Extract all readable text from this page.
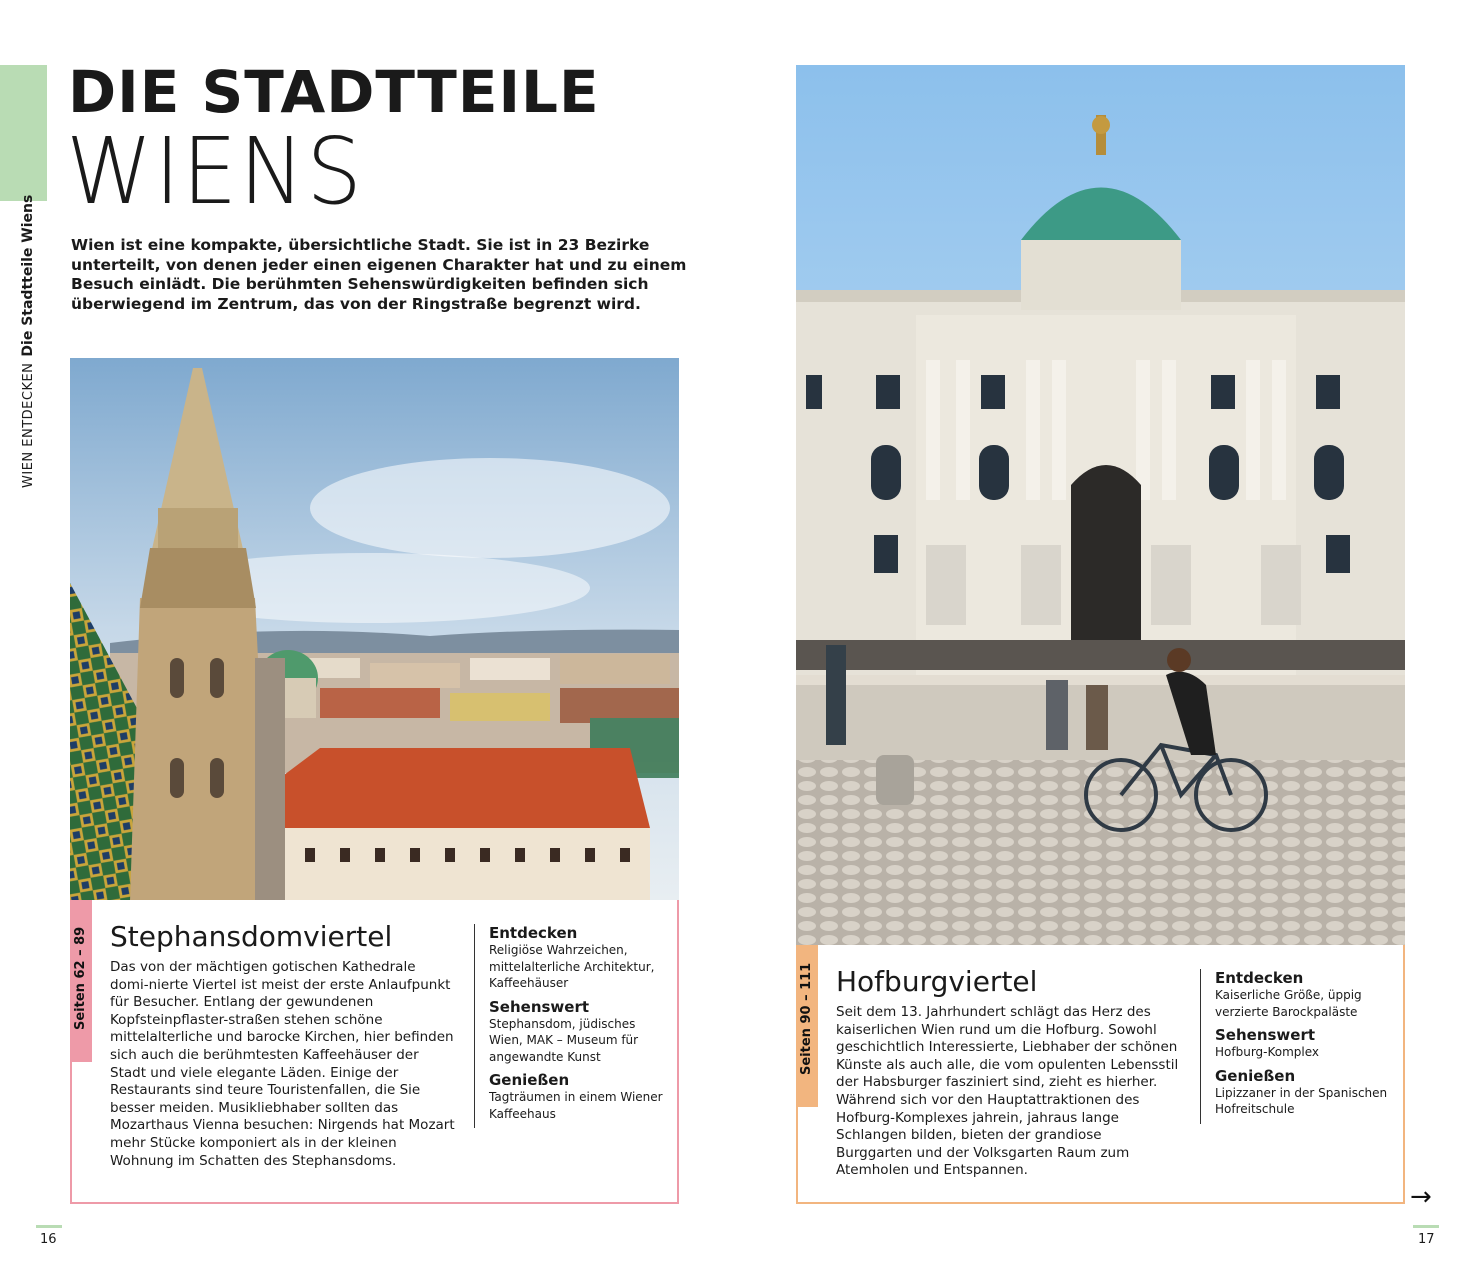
WIEN ENTDECKENDie Stadtteile Wiens
DIE STADTTEILE
WIENS
Wien ist eine kompakte, übersichtliche Stadt. Sie ist in 23 Bezirke unterteilt, von denen jeder einen eigenen Charakter hat und zu einem Besuch einlädt. Die berühmten Sehenswürdigkeiten befinden sich überwiegend im Zentrum, das von der Ringstraße begrenzt wird.
Seiten 62 – 89 Stephansdomviertel
Das von der mächtigen gotischen Kathedrale domi-nierte Viertel ist meist der erste Anlaufpunkt für Besucher. Entlang der gewundenen Kopfsteinpflaster-straßen stehen schöne mittelalterliche und barocke Kirchen, hier befinden sich auch die berühmtesten Kaffeehäuser der Stadt und viele elegante Läden. Einige der Restaurants sind teure Touristenfallen, die Sie besser meiden. Musikliebhaber sollten das Mozarthaus Vienna besuchen: Nirgends hat Mozart mehr Stücke komponiert als in der kleinen Wohnung im Schatten des Stephansdoms.
Entdecken

Religiöse Wahrzeichen, mittelalterliche Architektur, Kaffeehäuser

Sehenswert

Stephansdom, jüdisches Wien, MAK – Museum für angewandte Kunst

Genießen

Tagträumen in einem Wiener Kaffeehaus

Seiten 90 – 111 Hofburgviertel
Seit dem 13. Jahrhundert schlägt das Herz des kaiserlichen Wien rund um die Hofburg. Sowohl geschichtlich Interessierte, Liebhaber der schönen Künste als auch alle, die vom opulenten Lebensstil der Habsburger fasziniert sind, zieht es hierher. Während sich vor den Hauptattraktionen des Hofburg-Komplexes jahrein, jahraus lange Schlangen bilden, bieten der grandiose Burggarten und der Volksgarten Raum zum Atemholen und Entspannen.
Entdecken

Kaiserliche Größe, üppig verzierte Barockpaläste

Sehenswert

Hofburg-Komplex

Genießen

Lipizzaner in der Spanischen Hofreitschule

→
16	17
